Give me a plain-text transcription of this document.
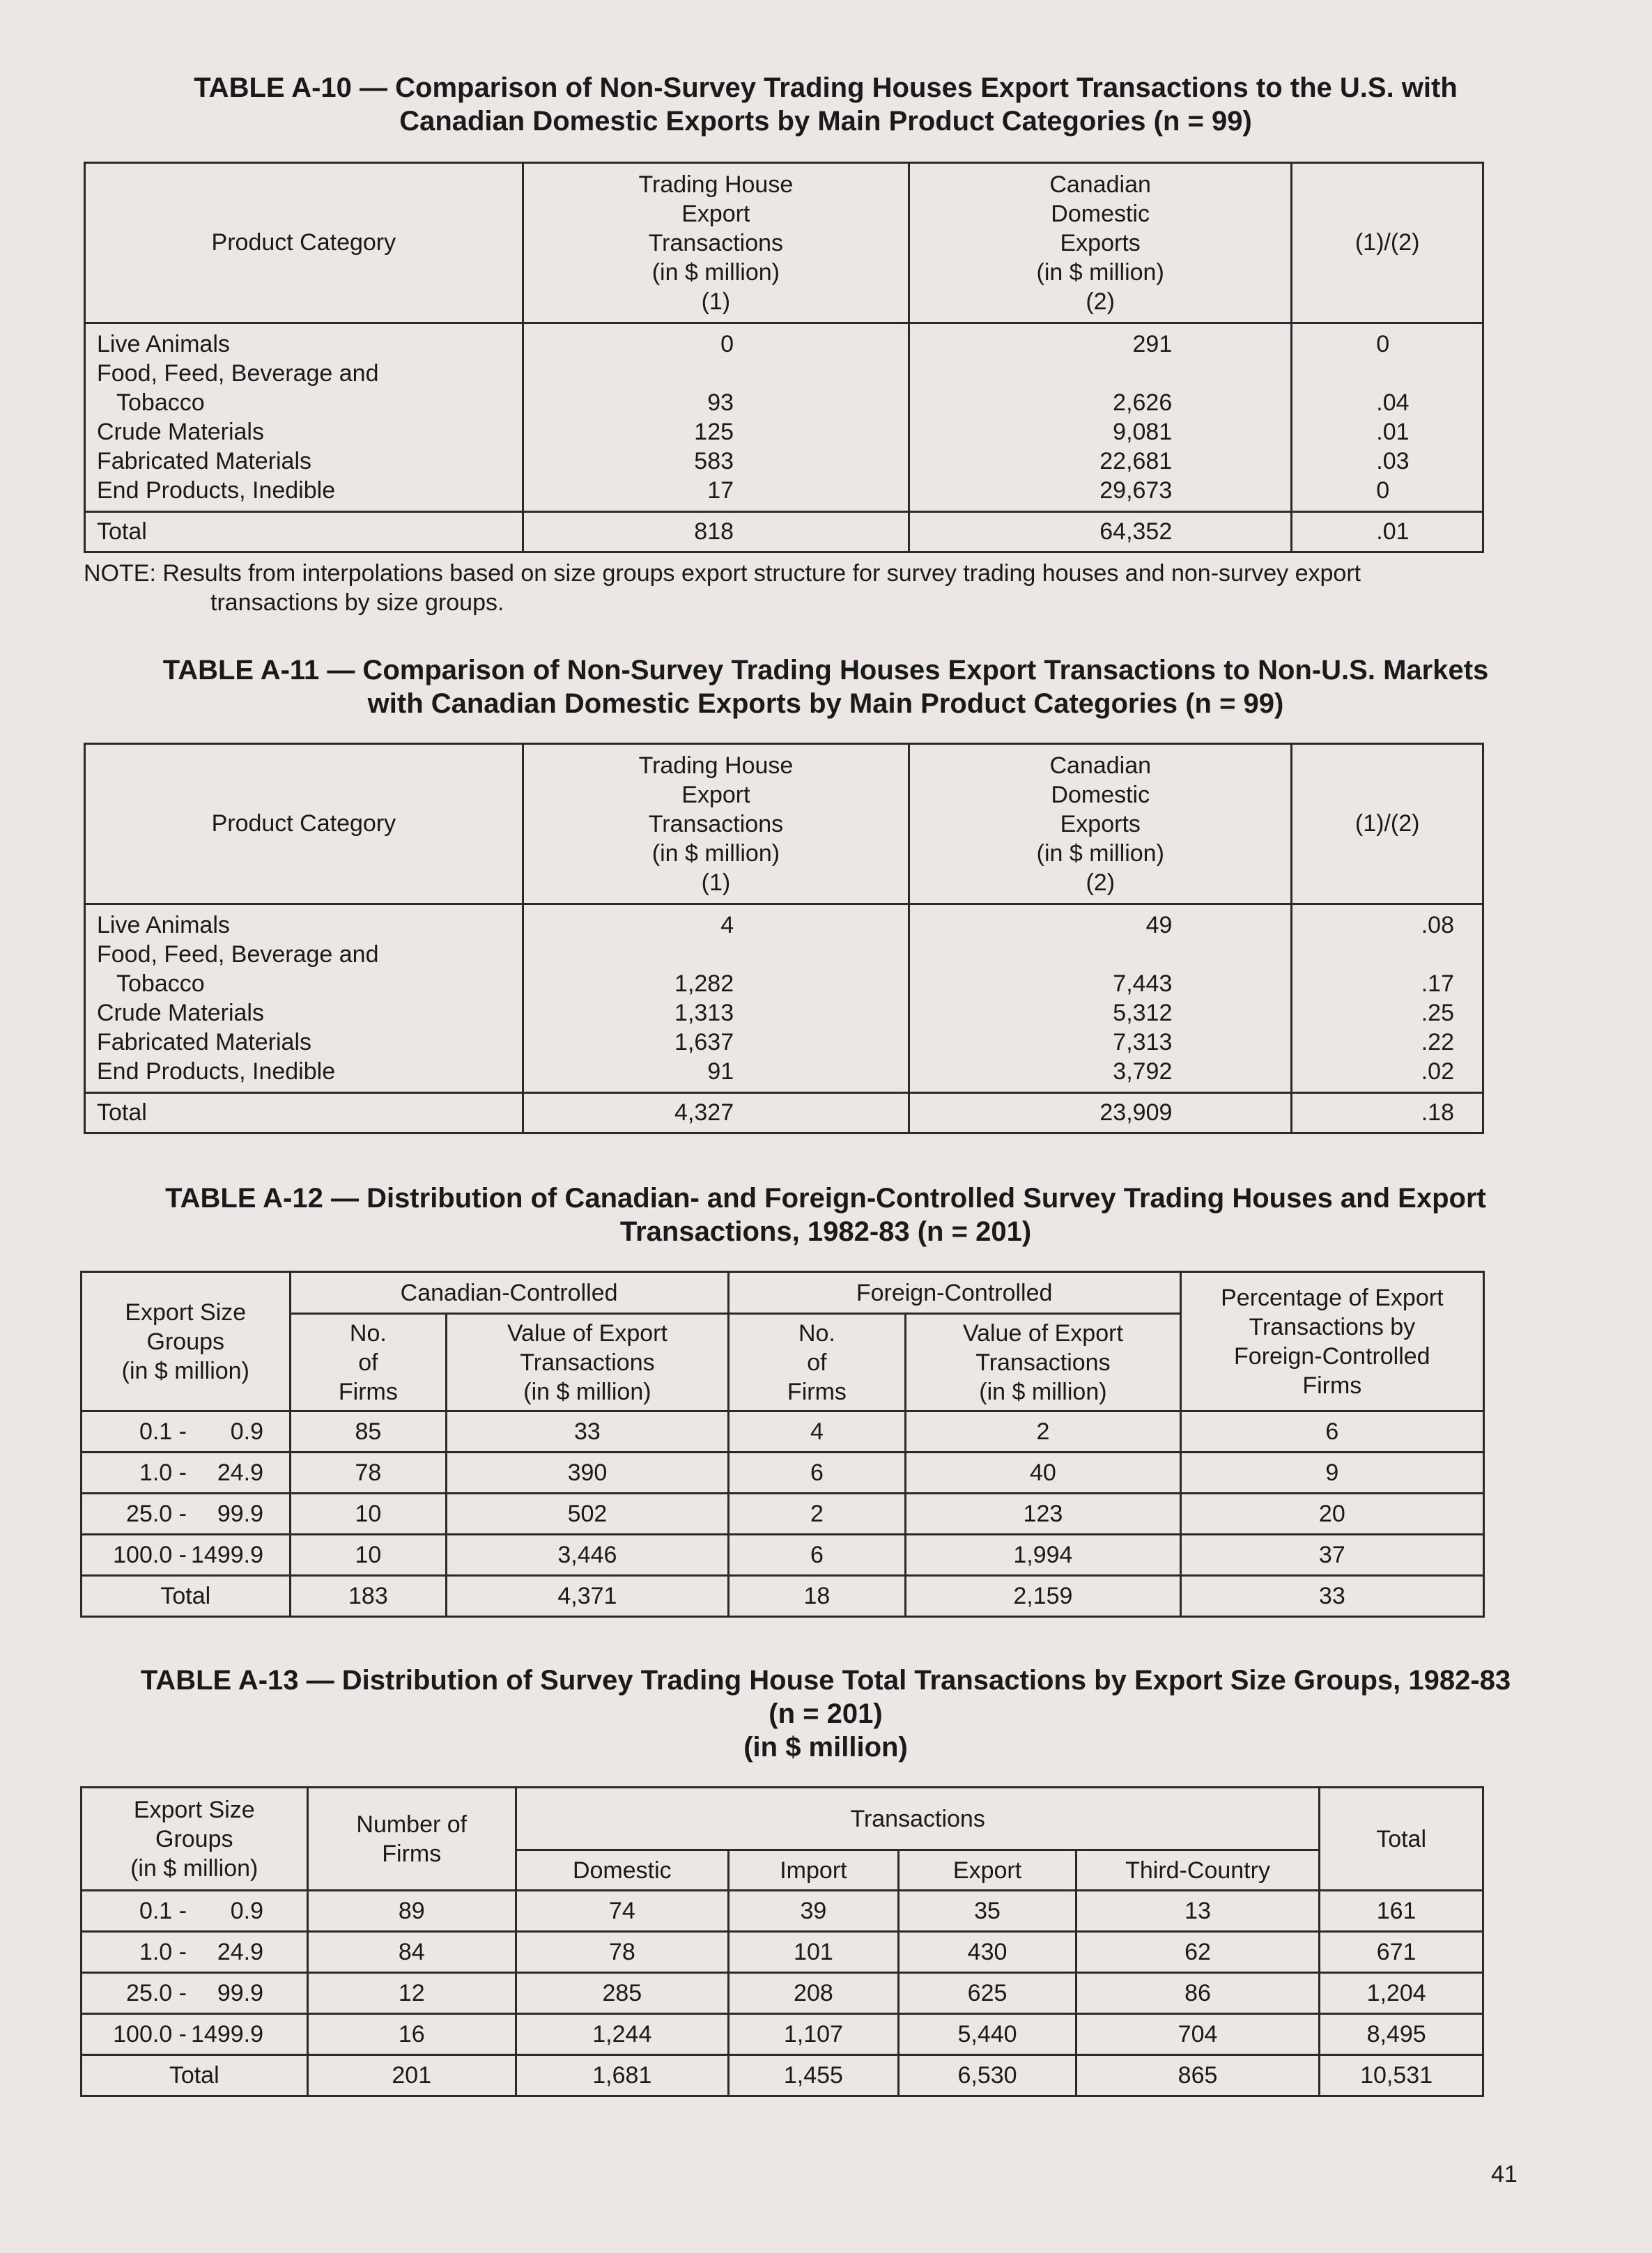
TABLE A-10 — Comparison of Non-Survey Trading Houses Export Transactions to the U.S. with
Canadian Domestic Exports by Main Product Categories (n = 99)
Product Category	Trading House
Export
Transactions
(in $ million)
(1)	Canadian
Domestic
Exports
(in $ million)
(2)	(1)/(2)
Live Animals	0	291	0
Food, Feed, Beverage and			
Tobacco	93	2,626	.04
Crude Materials	125	9,081	.01
Fabricated Materials	583	22,681	.03
End Products, Inedible	17	29,673	0
Total	818	64,352	.01
NOTE: Results from interpolations based on size groups export structure for survey trading houses and non-survey export
transactions by size groups.
TABLE A-11 — Comparison of Non-Survey Trading Houses Export Transactions to Non-U.S. Markets
with Canadian Domestic Exports by Main Product Categories (n = 99)
Product Category	Trading House
Export
Transactions
(in $ million)
(1)	Canadian
Domestic
Exports
(in $ million)
(2)	(1)/(2)
Live Animals	4	49	.08
Food, Feed, Beverage and			
Tobacco	1,282	7,443	.17
Crude Materials	1,313	5,312	.25
Fabricated Materials	1,637	7,313	.22
End Products, Inedible	91	3,792	.02
Total	4,327	23,909	.18
TABLE A-12 — Distribution of Canadian- and Foreign-Controlled Survey Trading Houses and Export
Transactions, 1982-83 (n = 201)
Export Size
Groups
(in $ million)	Canadian-Controlled		Foreign-Controlled		Percentage of Export
Transactions by
Foreign-Controlled
Firms

	No.
of
Firms	Value of Export
Transactions
(in $ million)	No.
of
Firms	Value of Export
Transactions
(in $ million)	

0.1 - 0.9	85	33	4	2	6
1.0 - 24.9	78	390	6	40	9
25.0 - 99.9	10	502	2	123	20
100.0 - 1499.9	10	3,446	6	1,994	37
Total	183	4,371	18	2,159	33
TABLE A-13 — Distribution of Survey Trading House Total Transactions by Export Size Groups, 1982-83
(n = 201)
(in $ million)
Export Size
Groups
(in $ million)	Number of
Firms	Transactions				Total
		Domestic	Import	Export	Third-Country	
0.1 - 0.9	89	74	39	35	13	161
1.0 - 24.9	84	78	101	430	62	671
25.0 - 99.9	12	285	208	625	86	1,204
100.0 - 1499.9	16	1,244	1,107	5,440	704	8,495
Total	201	1,681	1,455	6,530	865	10,531
41
